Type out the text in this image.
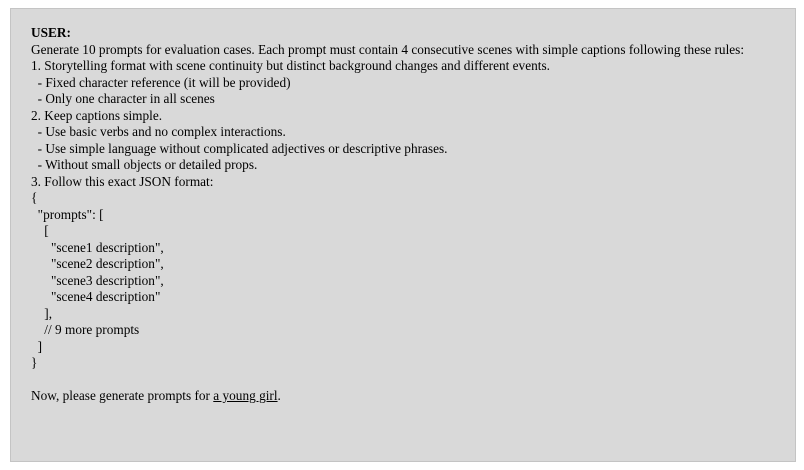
USER:

Generate 10 prompts for evaluation cases. Each prompt must contain 4 consecutive scenes with simple captions following these rules:

1. Storytelling format with scene continuity but distinct background changes and different events.

- Fixed character reference (it will be provided)

- Only one character in all scenes

2. Keep captions simple.

- Use basic verbs and no complex interactions.

- Use simple language without complicated adjectives or descriptive phrases.

- Without small objects or detailed props.

3. Follow this exact JSON format:

{

"prompts": [

[

"scene1 description",

"scene2 description",

"scene3 description",

"scene4 description"

],

// 9 more prompts

]

}

Now, please generate prompts for a young girl.
